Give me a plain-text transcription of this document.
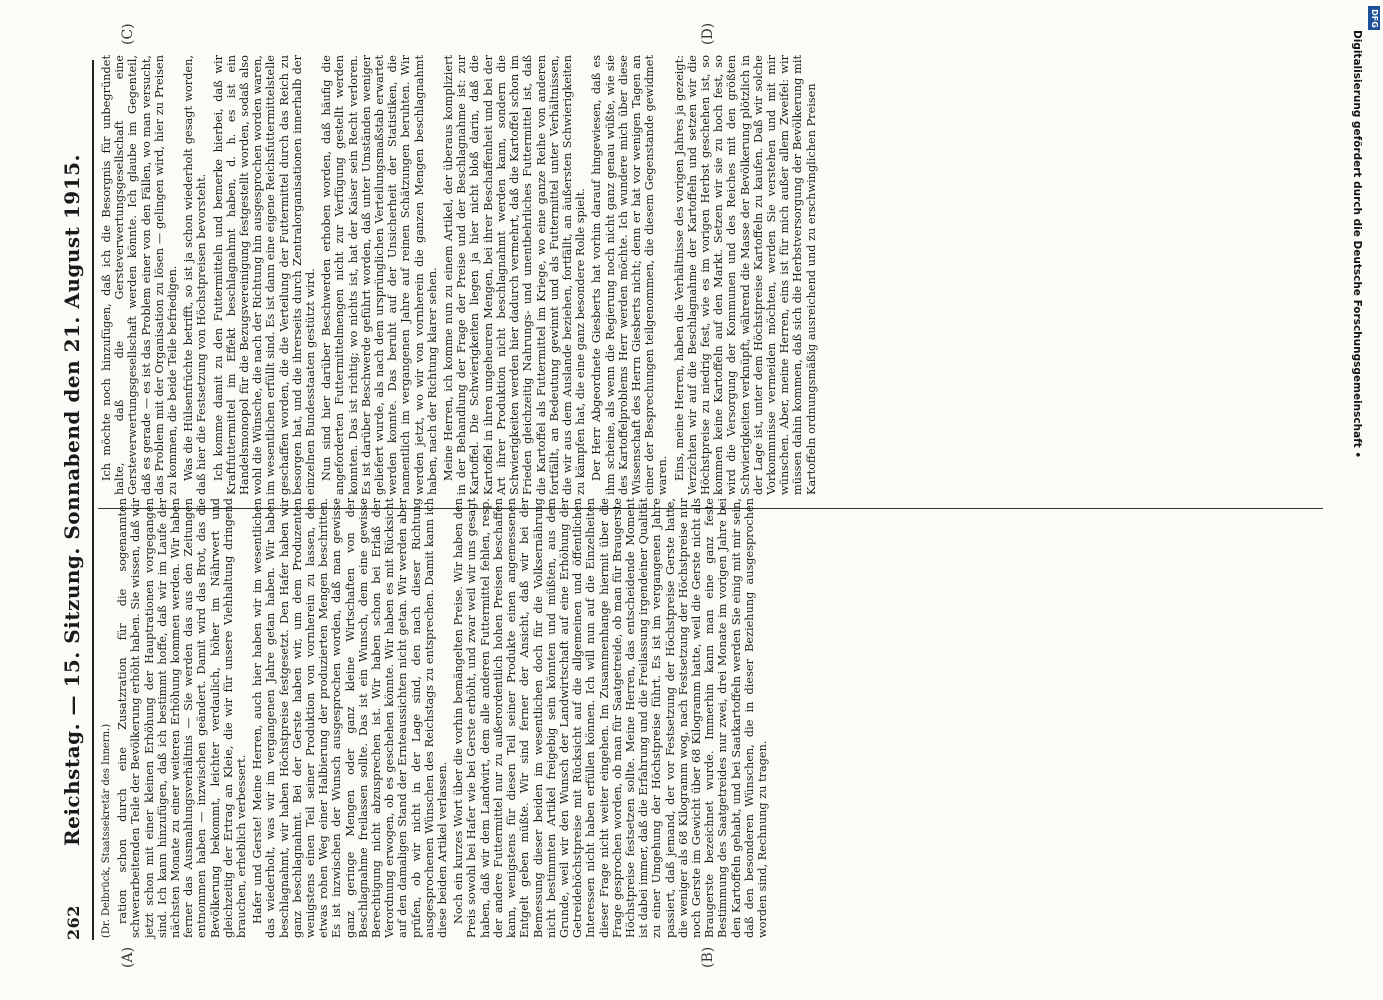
262
Reichstag. — 15. Sitzung. Sonnabend den 21. August 1915.
(A)	(B)
(C)	(D)

(Dr. Delbrück, Staatssekretär des Innern.) ration schon durch eine Zusatzration für die sogenannten schwerarbeitenden Teile der Bevölkerung erhöht haben. Sie wissen, daß wir jetzt schon mit einer kleinen Erhöhung der Hauptrationen vorgegangen sind. Ich kann hinzufügen, daß ich bestimmt hoffe, daß wir im Laufe der nächsten Monate zu einer weiteren Erhöhung kommen werden. Wir haben ferner das Ausmahlungsverhältnis — Sie werden das aus den Zeitungen entnommen haben — inzwischen geändert. Damit wird das Brot, das die Bevölkerung bekommt, leichter verdaulich, höher im Nährwert und gleichzeitig der Ertrag an Kleie, die wir für unsere Viehhaltung dringend brauchen, erheblich verbessert. Hafer und Gerste! Meine Herren, auch hier haben wir im wesentlichen das wiederholt, was wir im vergangenen Jahre getan haben. Wir haben beschlagnahmt, wir haben Höchstpreise festgesetzt. Den Hafer haben wir ganz beschlagnahmt. Bei der Gerste haben wir, um dem Produzenten wenigstens einen Teil seiner Produktion von vornherein zu lassen, den etwas rohen Weg einer Halbierung der produzierten Mengen beschritten. Es ist inzwischen der Wunsch ausgesprochen worden, daß man gewisse ganz geringe Mengen oder ganz kleine Wirtschaften von der Beschlagnahme freilassen sollte. Das ist ein Wunsch, dem eine gewisse Berechtigung nicht abzusprechen ist. Wir haben schon bei Erlaß der Verordnung erwogen, ob es geschehen könnte. Wir haben es mit Rücksicht auf den damaligen Stand der Ernteaussichten nicht getan. Wir werden aber prüfen, ob wir nicht in der Lage sind, den nach dieser Richtung ausgesprochenen Wünschen des Reichstags zu entsprechen. Damit kann ich diese beiden Artikel verlassen. Noch ein kurzes Wort über die vorhin bemängelten Preise. Wir haben den Preis sowohl bei Hafer wie bei Gerste erhöht, und zwar weil wir uns gesagt haben, daß wir dem Landwirt, dem alle anderen Futtermittel fehlen, resp. der andere Futtermittel nur zu außerordentlich hohen Preisen beschaffen kann, wenigstens für diesen Teil seiner Produkte einen angemessenen Entgelt geben müßte. Wir sind ferner der Ansicht, daß wir bei der Bemessung dieser beiden im wesentlichen doch für die Volksernährung nicht bestimmten Artikel freigebig sein könnten und müßten, aus dem Grunde, weil wir den Wunsch der Landwirtschaft auf eine Erhöhung der Getreidehöchstpreise mit Rücksicht auf die allgemeinen und öffentlichen Interessen nicht haben erfüllen können. Ich will nun auf die Einzelheiten dieser Frage nicht weiter eingehen. Im Zusammenhange hiermit über die Frage gesprochen worden, ob man für Saatgetreide, ob man für Braugerste Höchstpreise festsetzen sollte. Meine Herren, das entscheidende Moment ist dabei immer, daß die Erfahrung und die Freilassung irgendeiner Qualität zu einer Umgehung der Höchstpreise führt. Es ist im vergangenen Jahre passiert, daß jemand, der vor Festsetzung der Höchstpreise Gerste hatte, die weniger als 68 Kilogramm wog, nach Festsetzung der Höchstpreise nur noch Gerste im Gewicht über 68 Kilogramm hatte, weil die Gerste nicht als Braugerste bezeichnet wurde. Immerhin kann man eine ganz feste Bestimmung des Saatgetreides nur zwei, drei Monate im vorigen Jahre bei den Kartoffeln gehabt, und bei Saatkartoffeln werden Sie einig mit mir sein, daß den besonderen Wünschen, die in dieser Beziehung ausgesprochen worden sind, Rechnung zu tragen.

Ich möchte noch hinzufügen, daß ich die Besorgnis für unbegründet halte, daß die Gersteverwertungsgesellschaft eine Gersteverwertungsgesellschaft werden könnte. Ich glaube im Gegenteil, daß es gerade — es ist das Problem einer von den Fällen, wo man versucht, das Problem mit der Organisation zu lösen — gelingen wird, hier zu Preisen zu kommen, die beide Teile befriedigen. Was die Hülsenfrüchte betrifft, so ist ja schon wiederholt gesagt worden, daß hier die Festsetzung von Höchstpreisen bevorsteht. Ich komme damit zu den Futtermitteln und bemerke hierbei, daß wir Kraftfuttermittel im Effekt beschlagnahmt haben, d. h. es ist ein Handelsmonopol für die Bezugsvereinigung festgestellt worden, sodaß also wohl die Wünsche, die nach der Richtung hin ausgesprochen worden waren, im wesentlichen erfüllt sind. Es ist dann eine eigene Reichsfuttermittelstelle geschaffen worden, die die Verteilung der Futtermittel durch das Reich zu besorgen hat, und die ihrerseits durch Zentralorganisationen innerhalb der einzelnen Bundesstaaten gestützt wird. Nun sind hier darüber Beschwerden erhoben worden, daß häufig die angeforderten Futtermittelmengen nicht zur Verfügung gestellt werden konnten. Das ist richtig; wo nichts ist, hat der Kaiser sein Recht verloren. Es ist darüber Beschwerde geführt worden, daß unter Umständen weniger geliefert wurde, als nach dem ursprünglichen Verteilungsmaßstab erwartet werden konnte. Das beruht auf der Unsicherheit der Statistiken, die namentlich im vergangenen Jahre auf reinen Schätzungen beruhten. Wir werden jetzt, wo wir von vornherein die ganzen Mengen beschlagnahmt haben, nach der Richtung klarer sehen. Meine Herren, ich komme nun zu einem Artikel, der überaus kompliziert in der Behandlung der Frage der Preise und der Beschlagnahme ist: zur Kartoffel. Die Schwierigkeiten liegen ja hier nicht bloß darin, daß die Kartoffel in ihren ungeheuren Mengen, bei ihrer Beschaffenheit und bei der Art ihrer Produktion nicht beschlagnahmt werden kann, sondern die Schwierigkeiten werden hier dadurch vermehrt, daß die Kartoffel schon im Frieden gleichzeitig Nahrungs- und unentbehrliches Futtermittel ist, daß die Kartoffel als Futtermittel im Kriege, wo eine ganze Reihe von anderen fortfällt, an Bedeutung gewinnt und als Futtermittel unter Verhältnissen, die wir aus dem Auslande beziehen, fortfällt, an äußersten Schwierigkeiten zu kämpfen hat, die eine ganz besondere Rolle spielt. Der Herr Abgeordnete Giesberts hat vorhin darauf hingewiesen, daß es ihm scheine, als wenn die Regierung noch nicht ganz genau wüßte, wie sie des Kartoffelproblems Herr werden möchte. Ich wundere mich über diese Wissenschaft des Herrn Giesberts nicht; denn er hat vor wenigen Tagen an einer der Besprechungen teilgenommen, die diesem Gegenstande gewidmet waren. Eins, meine Herren, haben die Verhältnisse des vorigen Jahres ja gezeigt: Verzichten wir auf die Beschlagnahme der Kartoffeln und setzen wir die Höchstpreise zu niedrig fest, wie es im vorigen Herbst geschehen ist, so kommen keine Kartoffeln auf den Markt. Setzen wir sie zu hoch fest, so wird die Versorgung der Kommunen und des Reiches mit den größten Schwierigkeiten verknüpft, während die Masse der Bevölkerung plötzlich in der Lage ist, unter dem Höchstpreise Kartoffeln zu kaufen. Daß wir solche Vorkommnisse vermeiden möchten, werden Sie verstehen und mit mir wünschen. Aber, meine Herren, eins ist für mich außer allem Zweifel: wir müssen dahin kommen, daß sich die Herbstversorgung der Bevölkerung mit Kartoffeln ordnungsmäßig ausreichend und zu erschwinglichen Preisen

DFG
Digitalisierung gefördert durch die Deutsche Forschungsgemeinschaft •
